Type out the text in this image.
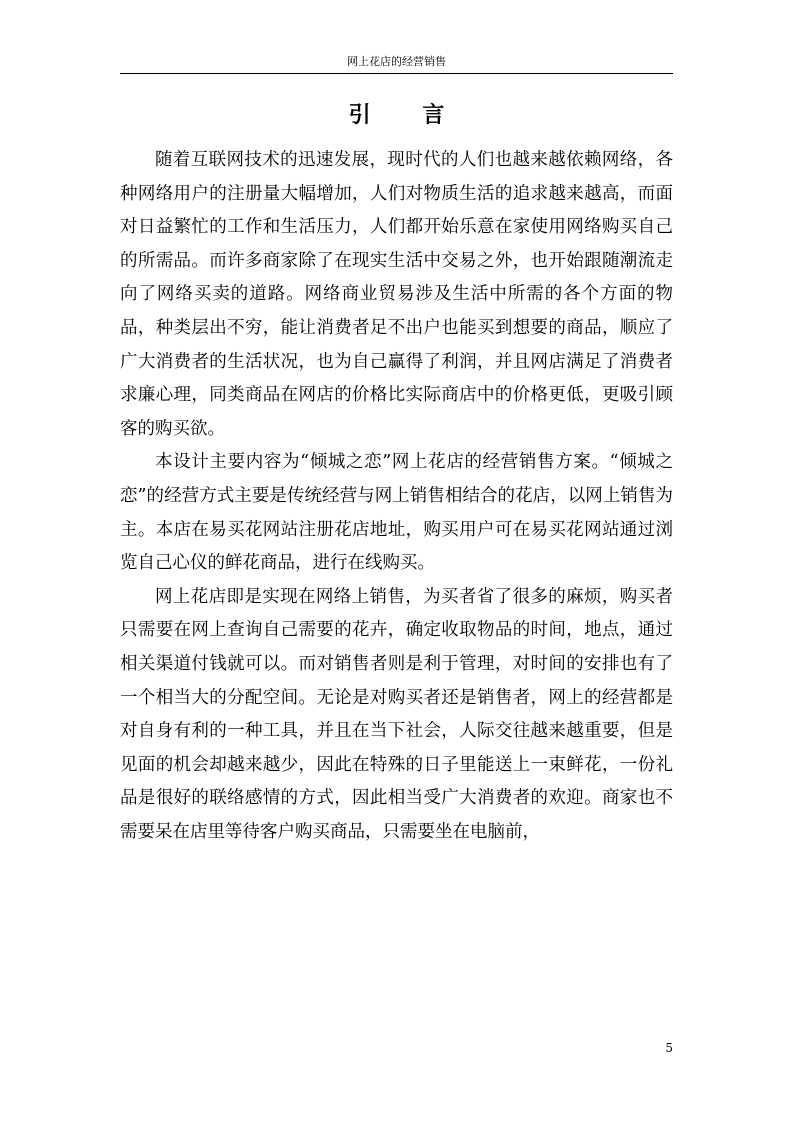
网上花店的经营销售
引 言

随着互联网技术的迅速发展，现时代的人们也越来越依赖网络，各种网络用户的注册量大幅增加，人们对物质生活的追求越来越高，而面对日益繁忙的工作和生活压力，人们都开始乐意在家使用网络购买自己的所需品。而许多商家除了在现实生活中交易之外，也开始跟随潮流走向了网络买卖的道路。网络商业贸易涉及生活中所需的各个方面的物品，种类层出不穷，能让消费者足不出户也能买到想要的商品，顺应了广大消费者的生活状况，也为自己赢得了利润，并且网店满足了消费者求廉心理，同类商品在网店的价格比实际商店中的价格更低，更吸引顾客的购买欲。

本设计主要内容为“倾城之恋”网上花店的经营销售方案。“倾城之恋”的经营方式主要是传统经营与网上销售相结合的花店，以网上销售为主。本店在易买花网站注册花店地址，购买用户可在易买花网站通过浏览自己心仪的鲜花商品，进行在线购买。

网上花店即是实现在网络上销售，为买者省了很多的麻烦，购买者只需要在网上查询自己需要的花卉，确定收取物品的时间，地点，通过相关渠道付钱就可以。而对销售者则是利于管理，对时间的安排也有了一个相当大的分配空间。无论是对购买者还是销售者，网上的经营都是对自身有利的一种工具，并且在当下社会，人际交往越来越重要，但是见面的机会却越来越少，因此在特殊的日子里能送上一束鲜花，一份礼品是很好的联络感情的方式，因此相当受广大消费者的欢迎。商家也不需要呆在店里等待客户购买商品，只需要坐在电脑前，

5
